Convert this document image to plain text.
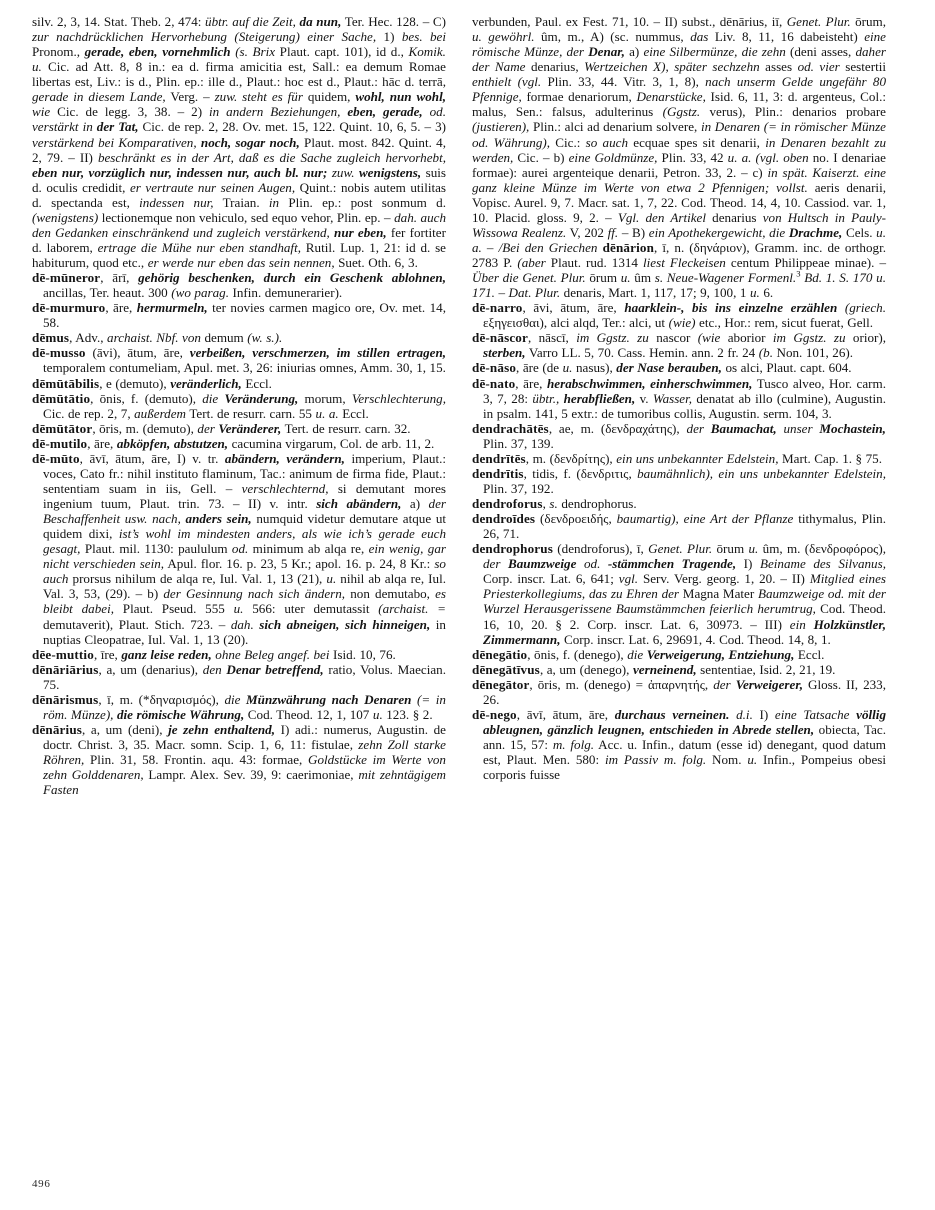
silv. 2, 3, 14. Stat. Theb. 2, 474: übtr. auf die Zeit, da nun, Ter. Hec. 128. – C) zur nachdrücklichen Hervorhebung (Steigerung) einer Sache, 1) bes. bei Pronom., gerade, eben, vornehmlich (s. Brix Plaut. capt. 101), id d., Komik. u. Cic. ad Att. 8, 8 in.: ea d. firma amicitia est, Sall.: ea demum Romae libertas est, Liv.: is d., Plin. ep.: ille d., Plaut.: hoc est d., Plaut.: hāc d. terrā, gerade in diesem Lande, Verg. – zuw. steht es für quidem, wohl, nun wohl, wie Cic. de legg. 3, 38. – 2) in andern Beziehungen, eben, gerade, od. verstärkt in der Tat, Cic. de rep. 2, 28. Ov. met. 15, 122. Quint. 10, 6, 5. – 3) verstärkend bei Komparativen, noch, sogar noch, Plaut. most. 842. Quint. 4, 2, 79. – II) beschränkt es in der Art, daß es die Sache zugleich hervorhebt, eben nur, vorzüglich nur, indessen nur, auch bl. nur; zuw. wenigstens, suis d. oculis credidit, er vertraute nur seinen Augen, Quint.: nobis autem utilitas d. spectanda est, indessen nur, Traian. in Plin. ep.: post sonmum d. (wenigstens) lectionemque non vehiculo, sed equo vehor, Plin. ep. – dah. auch den Gedanken einschränkend und zugleich verstärkend, nur eben, fer fortiter d. laborem, ertrage die Mühe nur eben standhaft, Rutil. Lup. 1, 21: id d. se habiturum, quod etc., er werde nur eben das sein nennen, Suet. Oth. 6, 3.

dē-mūneror, ārī, gehörig beschenken, durch ein Geschenk ablohnen, ancillas, Ter. heaut. 300 (wo parag. Infin. demunerarier).

dē-murmuro, āre, hermurmeln, ter novies carmen magico ore, Ov. met. 14, 58.

dēmus, Adv., archaist. Nbf. von demum (w. s.).

dē-musso (āvi), ātum, āre, verbeißen, verschmerzen, im stillen ertragen, temporalem contumeliam, Apul. met. 3, 26: iniurias omnes, Amm. 30, 1, 15.

dēmūtābilis, e (demuto), veränderlich, Eccl.

dēmūtātio, ōnis, f. (demuto), die Veränderung, morum, Verschlechterung, Cic. de rep. 2, 7, außerdem Tert. de resurr. carn. 55 u. a. Eccl.

dēmūtātor, ōris, m. (demuto), der Veränderer, Tert. de resurr. carn. 32.

dē-mutilo, āre, abköpfen, abstutzen, cacumina virgarum, Col. de arb. 11, 2.

dē-mūto, āvī, ātum, āre, I) v. tr. abändern, verändern, imperium, Plaut.: voces, Cato fr.: nihil instituto flaminum, Tac.: animum de firma fide, Plaut.: sententiam suam in iis, Gell. – verschlechternd, si demutant mores ingenium tuum, Plaut. trin. 73. – II) v. intr. sich abändern, a) der Beschaffenheit usw. nach, anders sein, numquid videtur demutare atque ut quidem dixi, ist’s wohl im mindesten anders, als wie ich’s gerade euch gesagt, Plaut. mil. 1130: paululum od. minimum ab alqa re, ein wenig, gar nicht verschieden sein, Apul. flor. 16. p. 23, 5 Kr.; apol. 16. p. 24, 8 Kr.: so auch prorsus nihilum de alqa re, Iul. Val. 1, 13 (21), u. nihil ab alqa re, Iul. Val. 3, 53, (29). – b) der Gesinnung nach sich ändern, non demutabo, es bleibt dabei, Plaut. Pseud. 555 u. 566: uter demutassit (archaist. = demutaverit), Plaut. Stich. 723. – dah. sich abneigen, sich hinneigen, in nuptias Cleopatrae, Iul. Val. 1, 13 (20).

dēe-muttio, īre, ganz leise reden, ohne Beleg angef. bei Isid. 10, 76.

dēnāriārius, a, um (denarius), den Denar betreffend, ratio, Volus. Maecian. 75.

dēnārismus, ī, m. (*δηναρισμός), die Münzwährung nach Denaren (= in röm. Münze), die römische Währung, Cod. Theod. 12, 1, 107 u. 123. § 2.

dēnārius, a, um (deni), je zehn enthaltend, I) adi.: numerus, Augustin. de doctr. Christ. 3, 35. Macr. somn. Scip. 1, 6, 11: fistulae, zehn Zoll starke Röhren, Plin. 31, 58. Frontin. aqu. 43: formae, Goldstücke im Werte von zehn Golddenaren, Lampr. Alex. Sev. 39, 9: caerimoniae, mit zehntägigem Fasten

verbunden, Paul. ex Fest. 71, 10. – II) subst., dēnārius, iī, Genet. Plur. ōrum, u. gewöhrl. ûm, m., A) (sc. nummus, das Liv. 8, 11, 16 dabeisteht) eine römische Münze, der Denar, a) eine Silbermünze, die zehn (deni asses, daher der Name denarius, Wertzeichen X), später sechzehn asses od. vier sestertii enthielt (vgl. Plin. 33, 44. Vitr. 3, 1, 8), nach unserm Gelde ungefähr 80 Pfennige, formae denariorum, Denarstücke, Isid. 6, 11, 3: d. argenteus, Col.: malus, Sen.: falsus, adulterinus (Ggstz. verus), Plin.: denarios probare (justieren), Plin.: alci ad denarium solvere, in Denaren (= in römischer Münze od. Währung), Cic.: so auch ecquae spes sit denarii, in Denaren bezahlt zu werden, Cic. – b) eine Goldmünze, Plin. 33, 42 u. a. (vgl. oben no. I denariae formae): aurei argenteique denarii, Petron. 33, 2. – c) in spät. Kaiserzt. eine ganz kleine Münze im Werte von etwa 2 Pfennigen; vollst. aeris denarii, Vopisc. Aurel. 9, 7. Macr. sat. 1, 7, 22. Cod. Theod. 14, 4, 10. Cassiod. var. 1, 10. Placid. gloss. 9, 2. – Vgl. den Artikel denarius von Hultsch in Pauly-Wissowa Realenz. V, 202 ff. – B) ein Apothekergewicht, die Drachme, Cels. u. a. – /Bei den Griechen dēnārion, ī, n. (δηνάριον), Gramm. inc. de orthogr. 2783 P. (aber Plaut. rud. 1314 liest Fleckeisen centum Philippeae minae). – Über die Genet. Plur. ōrum u. ûm s. Neue-Wagener Formenl.$^3$ Bd. 1. S. 170 u. 171. – Dat. Plur. denaris, Mart. 1, 117, 17; 9, 100, 1 u. 6.

dē-narro, āvi, ātum, āre, haarklein-, bis ins einzelne erzählen (griech. εξηγεισθαι), alci alqd, Ter.: alci, ut (wie) etc., Hor.: rem, sicut fuerat, Gell.

dē-nāscor, nāscī, im Ggstz. zu nascor (wie aborior im Ggstz. zu orior), sterben, Varro LL. 5, 70. Cass. Hemin. ann. 2 fr. 24 (b. Non. 101, 26).

dē-nāso, āre (de u. nasus), der Nase berauben, os alci, Plaut. capt. 604.

dē-nato, āre, herabschwimmen, einherschwimmen, Tusco alveo, Hor. carm. 3, 7, 28: übtr., herabfließen, v. Wasser, denatat ab illo (culmine), Augustin. in psalm. 141, 5 extr.: de tumoribus collis, Augustin. serm. 104, 3.

dendrachātēs, ae, m. (δενδραχάτης), der Baumachat, unser Mochastein, Plin. 37, 139.

dendrītēs, m. (δενδρίτης), ein uns unbekannter Edelstein, Mart. Cap. 1. § 75.

dendrītis, tidis, f. (δενδριτις, baumähnlich), ein uns unbekannter Edelstein, Plin. 37, 192.

dendroforus, s. dendrophorus.

dendroīdes (δενδροειδής, baumartig), eine Art der Pflanze tithymalus, Plin. 26, 71.

dendrophorus (dendroforus), ī, Genet. Plur. ōrum u. ûm, m. (δενδροφόρος), der Baumzweige od. -stämmchen Tragende, I) Beiname des Silvanus, Corp. inscr. Lat. 6, 641; vgl. Serv. Verg. georg. 1, 20. – II) Mitglied eines Priesterkollegiums, das zu Ehren der Magna Mater Baumzweige od. mit der Wurzel Herausgerissene Baumstämmchen feierlich herumtrug, Cod. Theod. 16, 10, 20. § 2. Corp. inscr. Lat. 6, 30973. – III) ein Holzkünstler, Zimmermann, Corp. inscr. Lat. 6, 29691, 4. Cod. Theod. 14, 8, 1.

dēnegātio, ōnis, f. (denego), die Verweigerung, Entziehung, Eccl.

dēnegātīvus, a, um (denego), verneinend, sententiae, Isid. 2, 21, 19.

dēnegātor, ōris, m. (denego) = ἀπαρνητής, der Verweigerer, Gloss. II, 233, 26.

dē-nego, āvī, ātum, āre, durchaus verneinen. d.i. I) eine Tatsache völlig ableugnen, gänzlich leugnen, entschieden in Abrede stellen, obiecta, Tac. ann. 15, 57: m. folg. Acc. u. Infin., datum (esse id) denegant, quod datum est, Plaut. Men. 580: im Passiv m. folg. Nom. u. Infin., Pompeius obesi corporis fuisse

496
